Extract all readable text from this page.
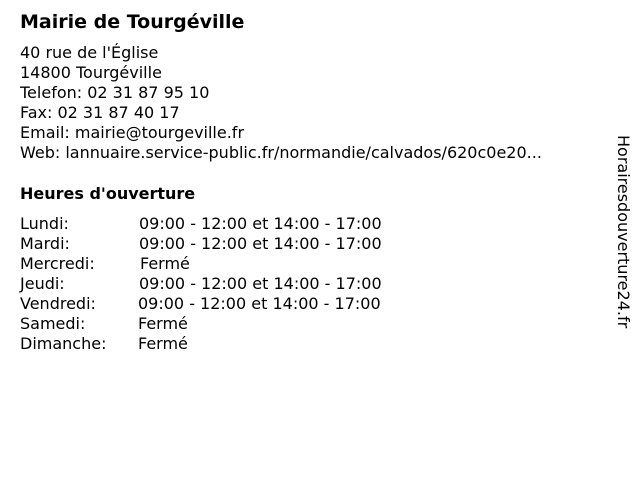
Mairie de Tourgéville
40 rue de l'Église
14800 Tourgéville
Telefon: 02 31 87 95 10
Fax: 02 31 87 40 17
Email: mairie@tourgeville.fr
Web: lannuaire.service-public.fr/normandie/calvados/620c0e20...
Heures d'ouverture
Lundi:	09:00 - 12:00 et 14:00 - 17:00
Mardi:	09:00 - 12:00 et 14:00 - 17:00
Mercredi:	Fermé
Jeudi:	09:00 - 12:00 et 14:00 - 17:00
Vendredi:	09:00 - 12:00 et 14:00 - 17:00
Samedi:	Fermé
Dimanche: Fermé
Horairesdouverture24.fr
